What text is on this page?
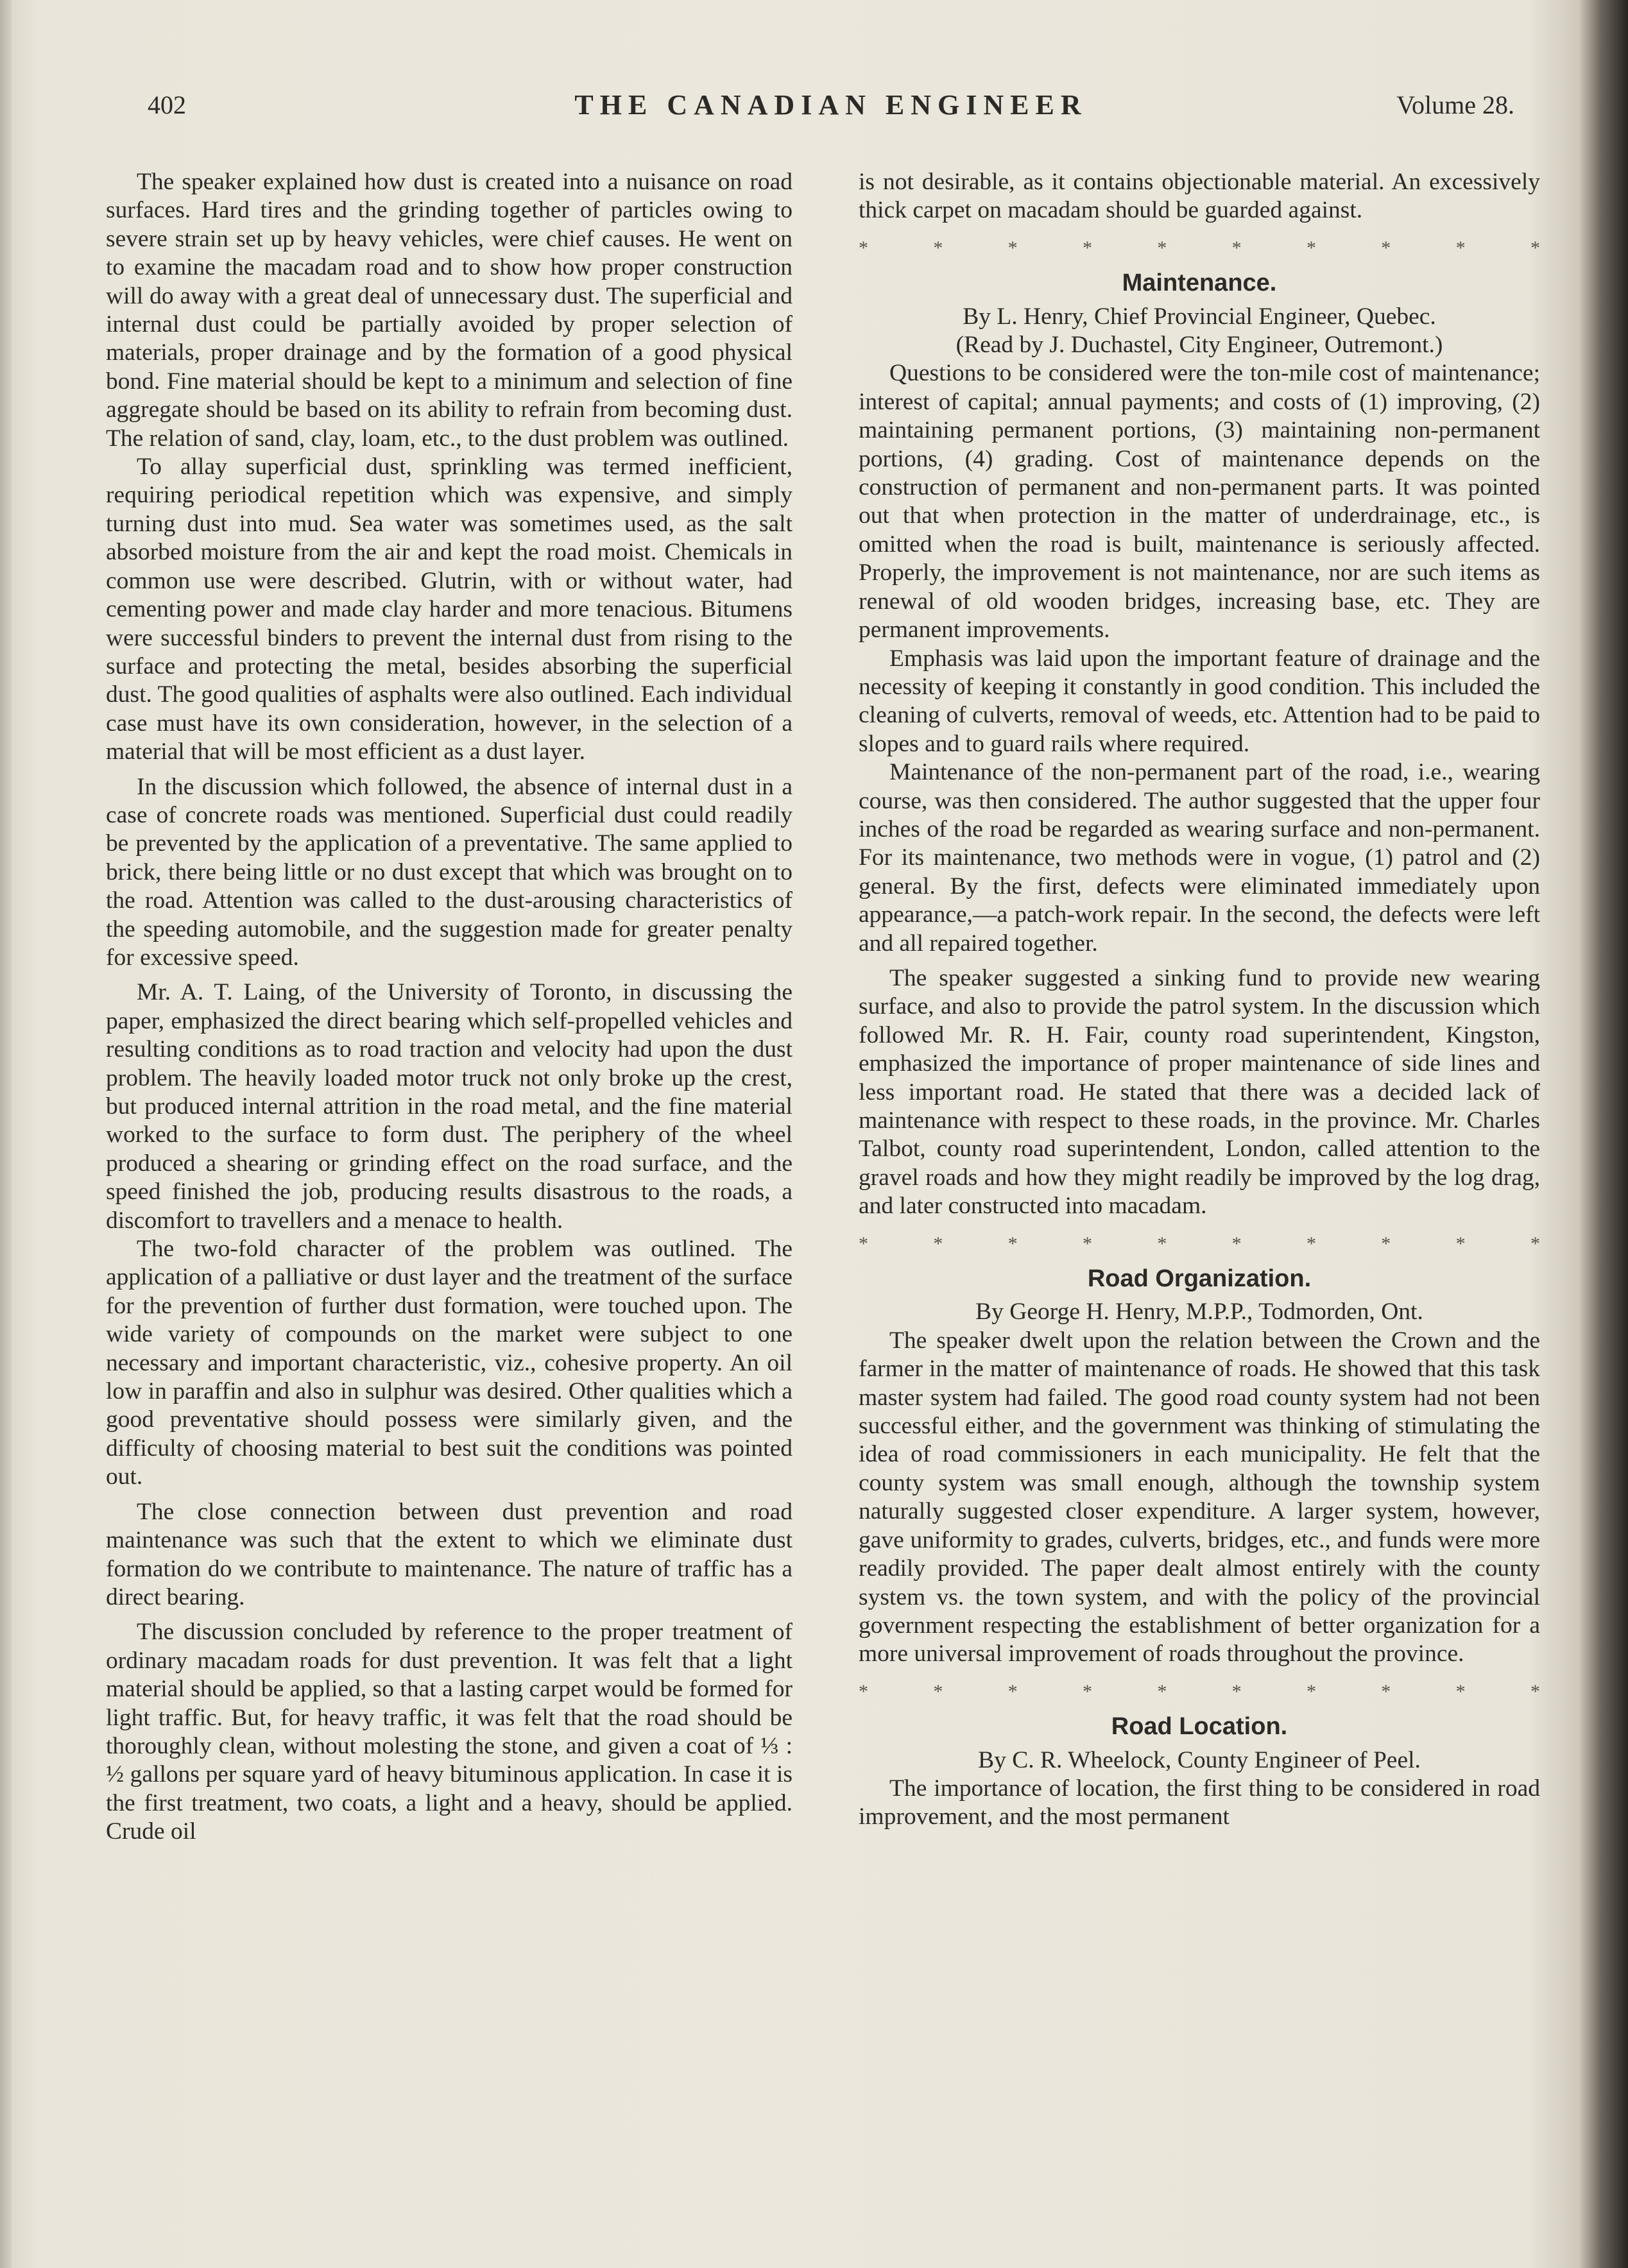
402	THE CANADIAN ENGINEER	Volume 28.

The speaker explained how dust is created into a nuisance on road surfaces. Hard tires and the grinding together of particles owing to severe strain set up by heavy vehicles, were chief causes. He went on to examine the macadam road and to show how proper construction will do away with a great deal of unnecessary dust. The superficial and internal dust could be partially avoided by proper selection of materials, proper drainage and by the formation of a good physical bond. Fine material should be kept to a minimum and selection of fine aggregate should be based on its ability to refrain from becoming dust. The relation of sand, clay, loam, etc., to the dust problem was outlined.

To allay superficial dust, sprinkling was termed inefficient, requiring periodical repetition which was expensive, and simply turning dust into mud. Sea water was sometimes used, as the salt absorbed moisture from the air and kept the road moist. Chemicals in common use were described. Glutrin, with or without water, had cementing power and made clay harder and more tenacious. Bitumens were successful binders to prevent the internal dust from rising to the surface and protecting the metal, besides absorbing the superficial dust. The good qualities of asphalts were also outlined. Each individual case must have its own consideration, however, in the selection of a material that will be most efficient as a dust layer.

In the discussion which followed, the absence of internal dust in a case of concrete roads was mentioned. Superficial dust could readily be prevented by the application of a preventative. The same applied to brick, there being little or no dust except that which was brought on to the road. Attention was called to the dust-arousing characteristics of the speeding automobile, and the suggestion made for greater penalty for excessive speed.

Mr. A. T. Laing, of the University of Toronto, in discussing the paper, emphasized the direct bearing which self-propelled vehicles and resulting conditions as to road traction and velocity had upon the dust problem. The heavily loaded motor truck not only broke up the crest, but produced internal attrition in the road metal, and the fine material worked to the surface to form dust. The periphery of the wheel produced a shearing or grinding effect on the road surface, and the speed finished the job, producing results disastrous to the roads, a discomfort to travellers and a menace to health.

The two-fold character of the problem was outlined. The application of a palliative or dust layer and the treatment of the surface for the prevention of further dust formation, were touched upon. The wide variety of compounds on the market were subject to one necessary and important characteristic, viz., cohesive property. An oil low in paraffin and also in sulphur was desired. Other qualities which a good preventative should possess were similarly given, and the difficulty of choosing material to best suit the conditions was pointed out.

The close connection between dust prevention and road maintenance was such that the extent to which we eliminate dust formation do we contribute to maintenance. The nature of traffic has a direct bearing.

The discussion concluded by reference to the proper treatment of ordinary macadam roads for dust prevention. It was felt that a light material should be applied, so that a lasting carpet would be formed for light traffic. But, for heavy traffic, it was felt that the road should be thoroughly clean, without molesting the stone, and given a coat of ⅓ : ½ gallons per square yard of heavy bituminous application. In case it is the first treatment, two coats, a light and a heavy, should be applied. Crude oil

is not desirable, as it contains objectionable material. An excessively thick carpet on macadam should be guarded against.

*	*	*	*	*	*	*	*	*	*
Maintenance.

By L. Henry, Chief Provincial Engineer, Quebec.

(Read by J. Duchastel, City Engineer, Outremont.)

Questions to be considered were the ton-mile cost of maintenance; interest of capital; annual payments; and costs of (1) improving, (2) maintaining permanent portions, (3) maintaining non-permanent portions, (4) grading. Cost of maintenance depends on the construction of permanent and non-permanent parts. It was pointed out that when protection in the matter of underdrainage, etc., is omitted when the road is built, maintenance is seriously affected. Properly, the improvement is not maintenance, nor are such items as renewal of old wooden bridges, increasing base, etc. They are permanent improvements.

Emphasis was laid upon the important feature of drainage and the necessity of keeping it constantly in good condition. This included the cleaning of culverts, removal of weeds, etc. Attention had to be paid to slopes and to guard rails where required.

Maintenance of the non-permanent part of the road, i.e., wearing course, was then considered. The author suggested that the upper four inches of the road be regarded as wearing surface and non-permanent. For its maintenance, two methods were in vogue, (1) patrol and (2) general. By the first, defects were eliminated immediately upon appearance,—a patch-work repair. In the second, the defects were left and all repaired together.

The speaker suggested a sinking fund to provide new wearing surface, and also to provide the patrol system. In the discussion which followed Mr. R. H. Fair, county road superintendent, Kingston, emphasized the importance of proper maintenance of side lines and less important road. He stated that there was a decided lack of maintenance with respect to these roads, in the province. Mr. Charles Talbot, county road superintendent, London, called attention to the gravel roads and how they might readily be improved by the log drag, and later constructed into macadam.

*	*	*	*	*	*	*	*	*	*
Road Organization.

By George H. Henry, M.P.P., Todmorden, Ont.

The speaker dwelt upon the relation between the Crown and the farmer in the matter of maintenance of roads. He showed that this task master system had failed. The good road county system had not been successful either, and the government was thinking of stimulating the idea of road commissioners in each municipality. He felt that the county system was small enough, although the township system naturally suggested closer expenditure. A larger system, however, gave uniformity to grades, culverts, bridges, etc., and funds were more readily provided. The paper dealt almost entirely with the county system vs. the town system, and with the policy of the provincial government respecting the establishment of better organization for a more universal improvement of roads throughout the province.

*	*	*	*	*	*	*	*	*	*
Road Location.

By C. R. Wheelock, County Engineer of Peel.

The importance of location, the first thing to be considered in road improvement, and the most permanent
